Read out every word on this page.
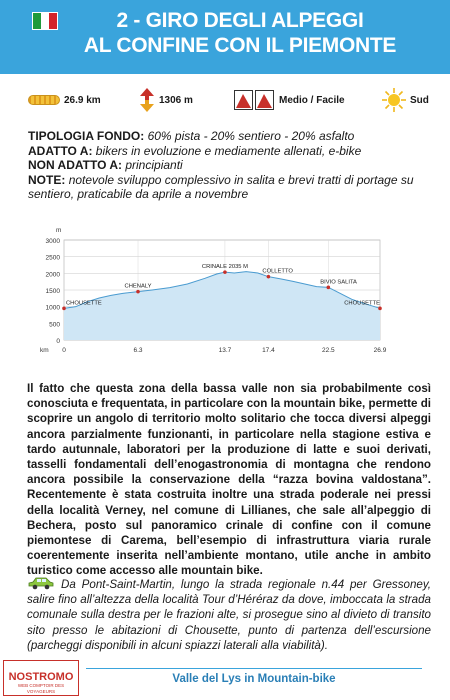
2 - GIRO DEGLI ALPEGGI
AL CONFINE CON IL PIEMONTE
26.9 km	1306 m	Medio / Facile	Sud

TIPOLOGIA FONDO: 60% pista - 20% sentiero - 20% asfalto

ADATTO A: bikers in evoluzione e mediamente allenati, e-bike

NON ADATTO A: principianti

NOTE: notevole sviluppo complessivo in salita e brevi tratti di portage su sentiero, praticabile da aprile a novembre

0
500
1000
1500
2000
2500
3000
0	6.3	13.7	17.4	22.5	26.9
m
km
CHOUSETTE
CHENALY
CRINALE 2035 M
COLLETTO
BIVIO SALITA
CHOUSETTE

Il fatto che questa zona della bassa valle non sia probabilmente così conosciuta e frequentata, in particolare con la mountain bike, permette di scoprire un angolo di territorio molto solitario che tocca diversi alpeggi ancora parzialmente funzionanti, in particolare nella stagione estiva e tardo autunnale, laboratori per la produzione di latte e suoi derivati, tasselli fondamentali dell’enogastronomia di montagna che rendono ancora possibile la conservazione della “razza bovina valdostana”. Recentemente è stata costruita inoltre una strada poderale nei pressi della località Verney, nel comune di Lillianes, che sale all’alpeggio di Bechera, posto sul panoramico crinale di confine con il comune piemontese di Carema, bell’esempio di infrastruttura viaria rurale coerentemente inserita nell’ambiente montano, utile anche in ambito turistico come accesso alle mountain bike.

Da Pont-Saint-Martin, lungo la strada regionale n.44 per Gressoney, salire fino all’altezza della località Tour d’Héréraz da dove, imboccata la strada comunale sulla destra per le frazioni alte, si prosegue sino al divieto di transito sito presso le abitazioni di Chousette, punto di partenza dell’escursione (parcheggi disponibili in alcuni spiazzi laterali alla viabilità).
NOSTROMO
WEB COMPTOIR DES VOYAGEURS
Valle del Lys in Mountain-bike
